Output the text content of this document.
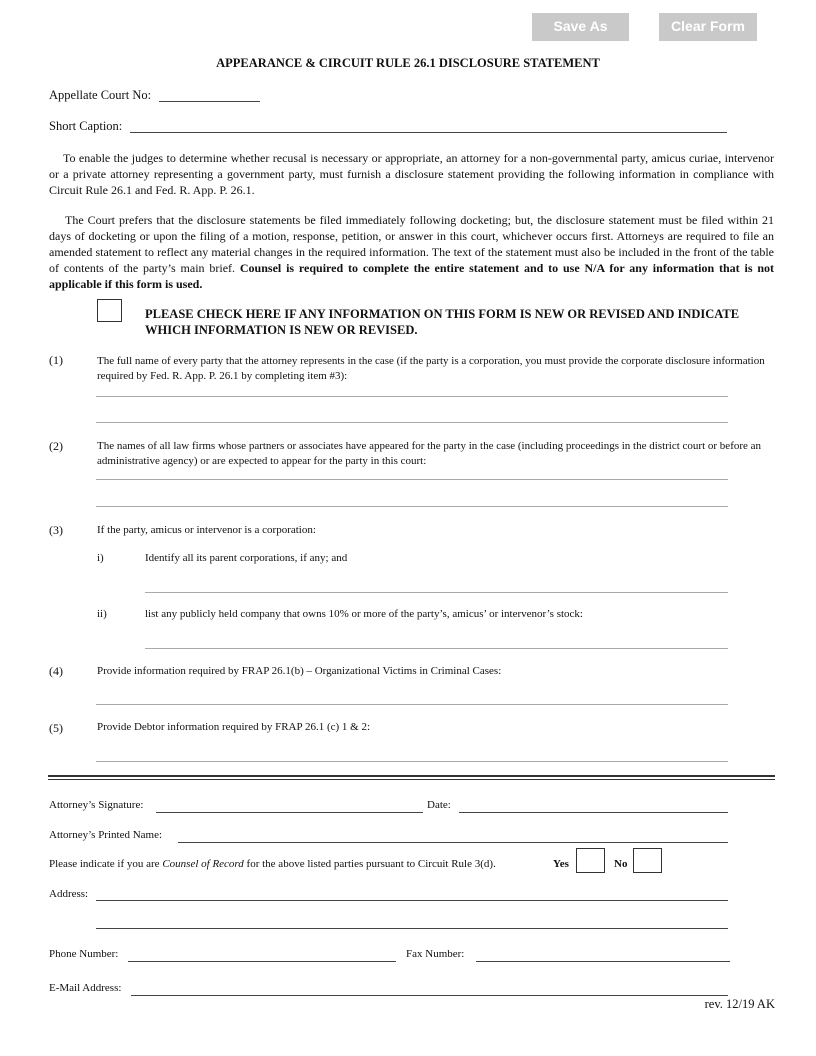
Save As	Clear Form
APPEARANCE & CIRCUIT RULE 26.1 DISCLOSURE STATEMENT
Appellate Court No:
Short Caption:
To enable the judges to determine whether recusal is necessary or appropriate, an attorney for a non-governmental party, amicus curiae, intervenor or a private attorney representing a government party, must furnish a disclosure statement providing the following information in compliance with Circuit Rule 26.1 and Fed. R. App. P. 26.1.
The Court prefers that the disclosure statements be filed immediately following docketing; but, the disclosure statement must be filed within 21 days of docketing or upon the filing of a motion, response, petition, or answer in this court, whichever occurs first. Attorneys are required to file an amended statement to reflect any material changes in the required information. The text of the statement must also be included in the front of the table of contents of the party’s main brief. Counsel is required to complete the entire statement and to use N/A for any information that is not applicable if this form is used.
PLEASE CHECK HERE IF ANY INFORMATION ON THIS FORM IS NEW OR REVISED AND INDICATE WHICH INFORMATION IS NEW OR REVISED.
(1)	The full name of every party that the attorney represents in the case (if the party is a corporation, you must provide the corporate disclosure information required by Fed. R. App. P. 26.1 by completing item #3):
(2)	The names of all law firms whose partners or associates have appeared for the party in the case (including proceedings in the district court or before an administrative agency) or are expected to appear for the party in this court:
(3)	If the party, amicus or intervenor is a corporation:
i)	Identify all its parent corporations, if any; and
ii)	list any publicly held company that owns 10% or more of the party’s, amicus’ or intervenor’s stock:
(4)	Provide information required by FRAP 26.1(b) – Organizational Victims in Criminal Cases:
(5)	Provide Debtor information required by FRAP 26.1 (c) 1 & 2:
Attorney’s Signature:	Date:
Attorney’s Printed Name:
Please indicate if you are Counsel of Record for the above listed parties pursuant to Circuit Rule 3(d).	Yes	No
Address:
Phone Number:	Fax Number:
E-Mail Address:
rev. 12/19 AK
